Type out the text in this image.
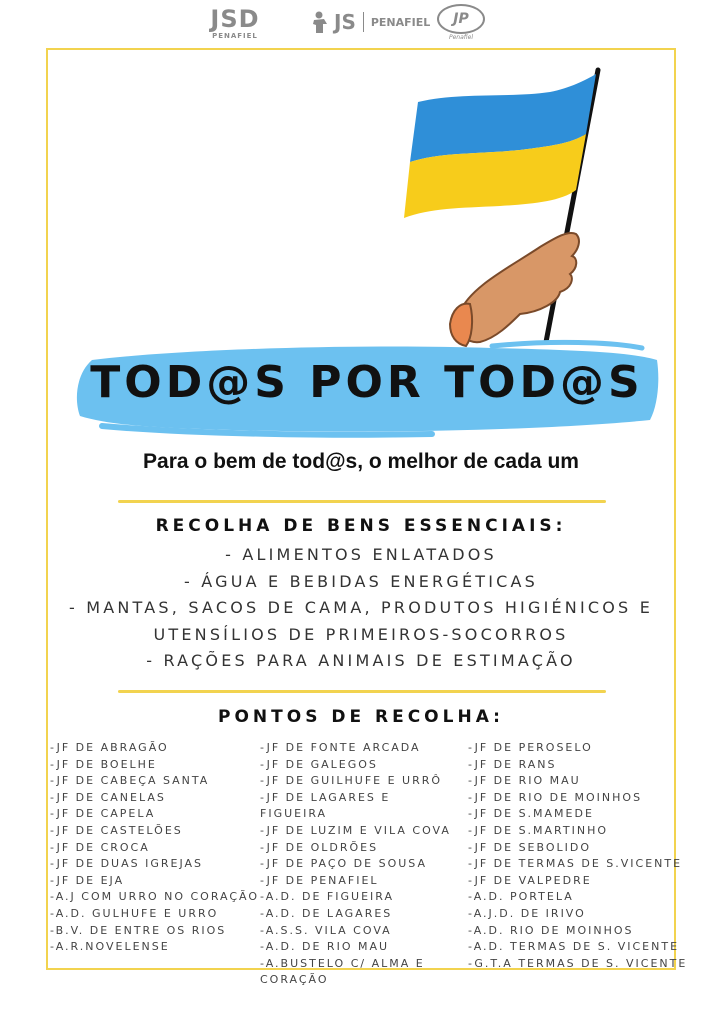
JSD
PENAFIEL
JS PENAFIEL	JP
Penafiel
TOD@S POR TOD@S
Para o bem de tod@s, o melhor de cada um
RECOLHA DE BENS ESSENCIAIS:
- ALIMENTOS ENLATADOS
- ÁGUA E BEBIDAS ENERGÉTICAS
- MANTAS, SACOS DE CAMA, PRODUTOS HIGIÉNICOS E
UTENSÍLIOS DE PRIMEIROS-SOCORROS
- RAÇÕES PARA ANIMAIS DE ESTIMAÇÃO
PONTOS DE RECOLHA:
-JF DE ABRAGÃO
-JF DE BOELHE
-JF DE CABEÇA SANTA
-JF DE CANELAS
-JF DE CAPELA
-JF DE CASTELÕES
-JF DE CROCA
-JF DE DUAS IGREJAS
-JF DE EJA
-A.J COM URRO NO CORAÇÃO
-A.D. GULHUFE E URRO
-B.V. DE ENTRE OS RIOS
-A.R.NOVELENSE
-JF DE FONTE ARCADA
-JF DE GALEGOS
-JF DE GUILHUFE E URRÔ
-JF DE LAGARES E FIGUEIRA
-JF DE LUZIM E VILA COVA
-JF DE OLDRÕES
-JF DE PAÇO DE SOUSA
-JF DE PENAFIEL
-A.D. DE FIGUEIRA
-A.D. DE LAGARES
-A.S.S. VILA COVA
-A.D. DE RIO MAU
-A.BUSTELO C/ ALMA E CORAÇÃO
-JF DE PEROSELO
-JF DE RANS
-JF DE RIO MAU
-JF DE RIO DE MOINHOS
-JF DE S.MAMEDE
-JF DE S.MARTINHO
-JF DE SEBOLIDO
-JF DE TERMAS DE S.VICENTE
-JF DE VALPEDRE
-A.D. PORTELA
-A.J.D. DE IRIVO
-A.D. RIO DE MOINHOS
-A.D. TERMAS DE S. VICENTE
-G.T.A TERMAS DE S. VICENTE
